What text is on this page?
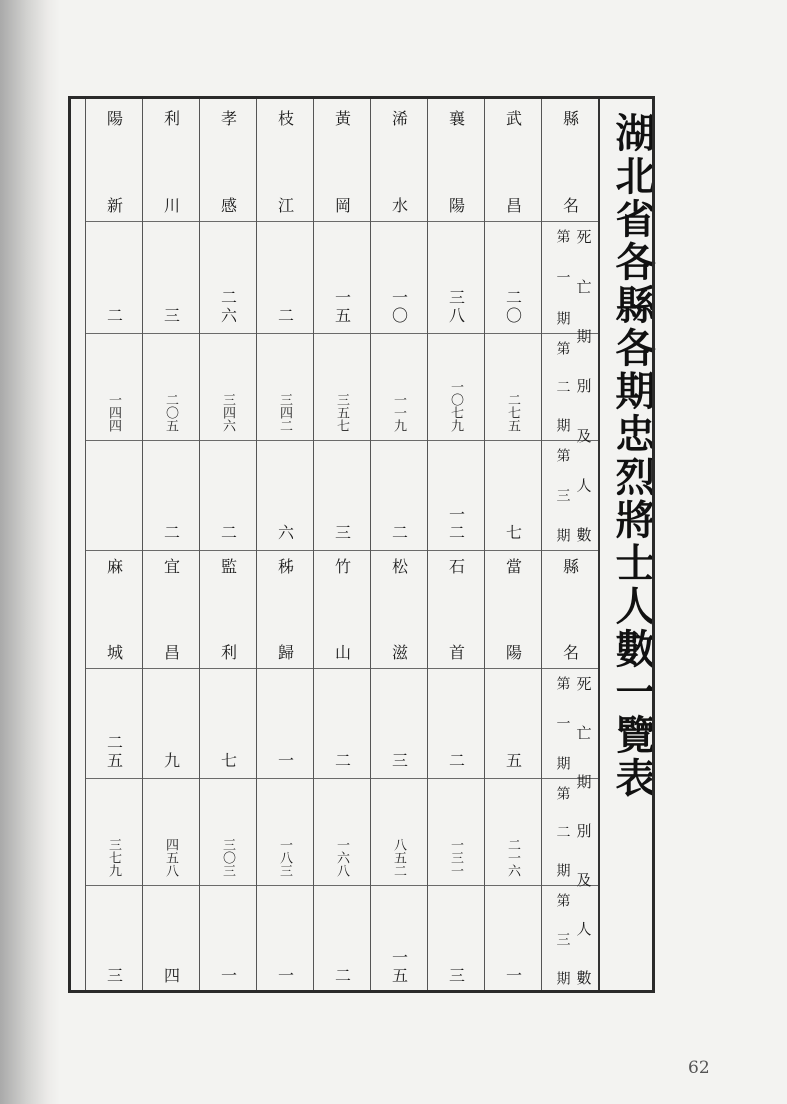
湖北省各縣各期忠烈將士人數一覽表
縣名
死亡期別及人數
第一期
第二期
第三期
縣名
死亡期別及人數
第一期
第二期
第三期
武昌
二〇
二七五
七
襄陽
三八
一〇七九
一二
浠水
一〇
一一九
二
黃岡
一五
三五七
三
枝江
二
三四二
六
孝感
二六
三四六
二
利川
三
二〇五
二
陽新
二
一四四
當陽
五
二一六
一
石首
二
一三一
三
松滋
三
八五二
一五
竹山
二
一六八
二
秭歸
一
一八三
一
監利
七
三〇三
一
宜昌
九
四五八
四
麻城
二五
三七九
三
62
